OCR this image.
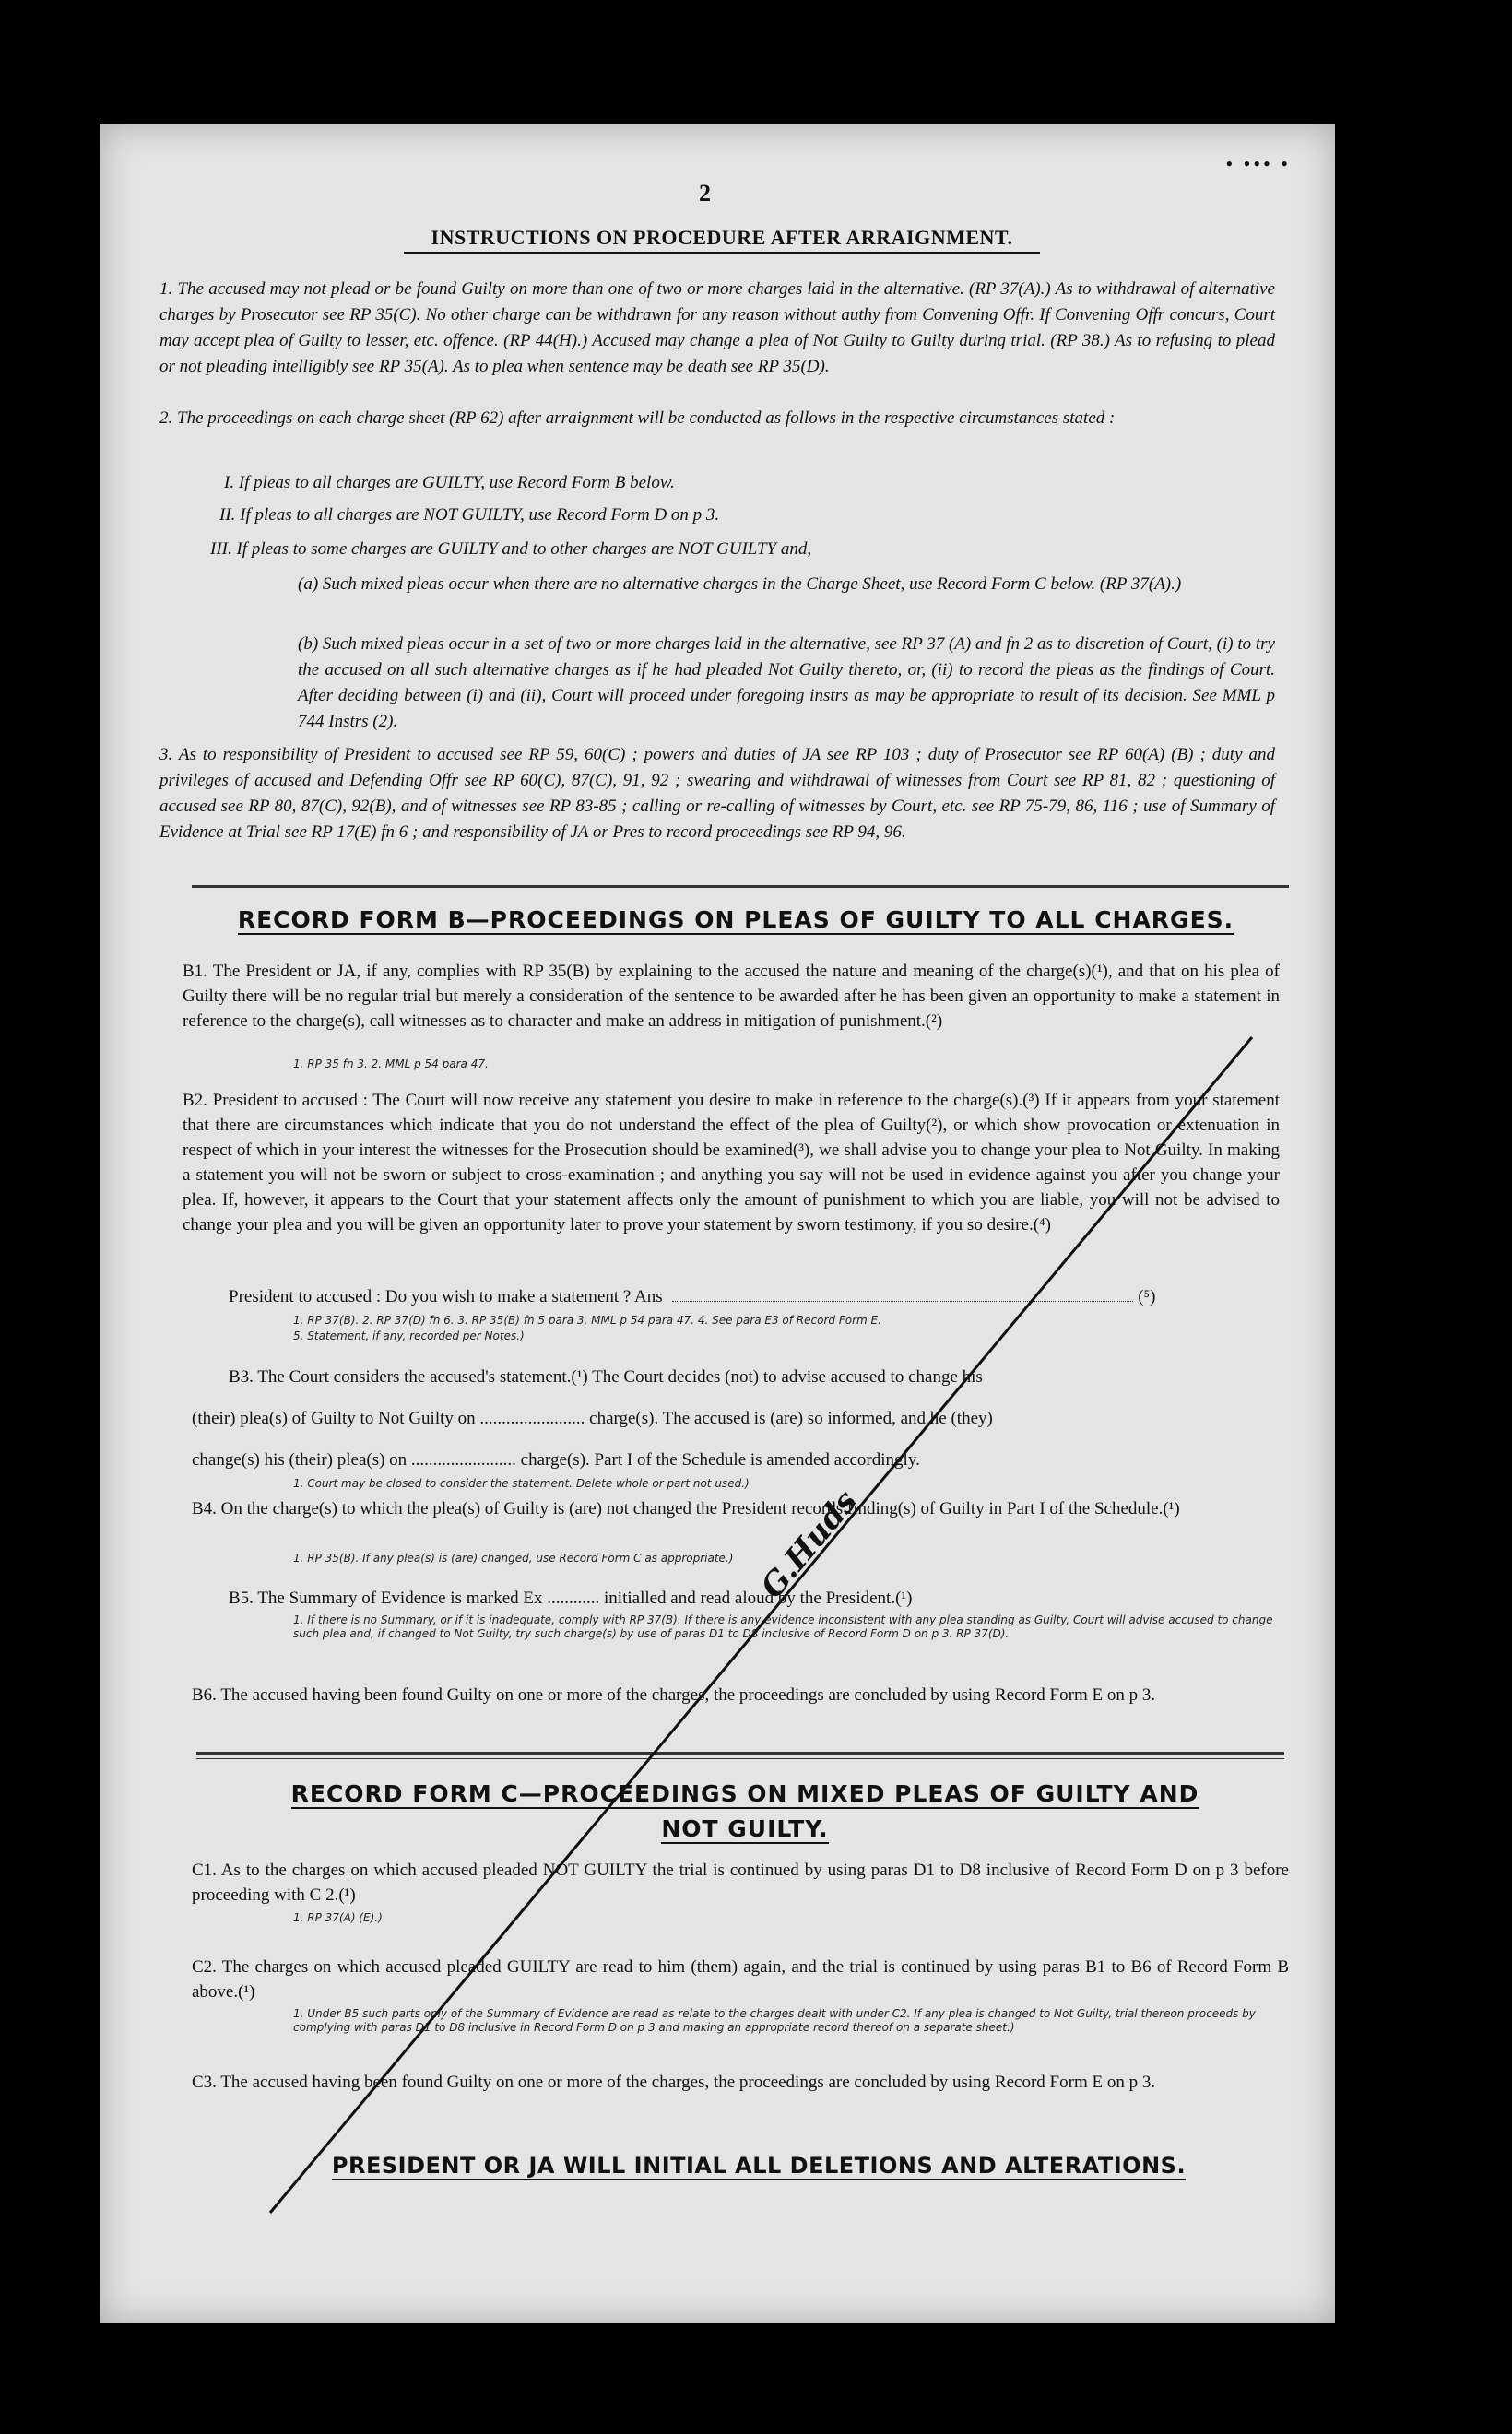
2
• ••• •
INSTRUCTIONS ON PROCEDURE AFTER ARRAIGNMENT.
1. The accused may not plead or be found Guilty on more than one of two or more charges laid in the alternative. (RP 37(A).) As to withdrawal of alternative charges by Prosecutor see RP 35(C). No other charge can be withdrawn for any reason without authy from Convening Offr. If Convening Offr concurs, Court may accept plea of Guilty to lesser, etc. offence. (RP 44(H).) Accused may change a plea of Not Guilty to Guilty during trial. (RP 38.) As to refusing to plead or not pleading intelligibly see RP 35(A). As to plea when sentence may be death see RP 35(D).
2. The proceedings on each charge sheet (RP 62) after arraignment will be conducted as follows in the respective circumstances stated :
I. If pleas to all charges are GUILTY, use Record Form B below.
II. If pleas to all charges are NOT GUILTY, use Record Form D on p 3.
III. If pleas to some charges are GUILTY and to other charges are NOT GUILTY and,
(a) Such mixed pleas occur when there are no alternative charges in the Charge Sheet, use Record Form C below. (RP 37(A).)
(b) Such mixed pleas occur in a set of two or more charges laid in the alternative, see RP 37 (A) and fn 2 as to discretion of Court, (i) to try the accused on all such alternative charges as if he had pleaded Not Guilty thereto, or, (ii) to record the pleas as the findings of Court. After deciding between (i) and (ii), Court will proceed under foregoing instrs as may be appropriate to result of its decision. See MML p 744 Instrs (2).
3. As to responsibility of President to accused see RP 59, 60(C) ; powers and duties of JA see RP 103 ; duty of Prosecutor see RP 60(A) (B) ; duty and privileges of accused and Defending Offr see RP 60(C), 87(C), 91, 92 ; swearing and withdrawal of witnesses from Court see RP 81, 82 ; questioning of accused see RP 80, 87(C), 92(B), and of witnesses see RP 83-85 ; calling or re-calling of witnesses by Court, etc. see RP 75-79, 86, 116 ; use of Summary of Evidence at Trial see RP 17(E) fn 6 ; and responsibility of JA or Pres to record proceedings see RP 94, 96.
RECORD FORM B—PROCEEDINGS ON PLEAS OF GUILTY TO ALL CHARGES.
B1. The President or JA, if any, complies with RP 35(B) by explaining to the accused the nature and meaning of the charge(s)(¹), and that on his plea of Guilty there will be no regular trial but merely a consideration of the sentence to be awarded after he has been given an opportunity to make a statement in reference to the charge(s), call witnesses as to character and make an address in mitigation of punishment.(²)
1. RP 35 fn 3. 2. MML p 54 para 47.
B2. President to accused : The Court will now receive any statement you desire to make in reference to the charge(s).(³) If it appears from your statement that there are circumstances which indicate that you do not understand the effect of the plea of Guilty(²), or which show provocation or extenuation in respect of which in your interest the witnesses for the Prosecution should be examined(³), we shall advise you to change your plea to Not Guilty. In making a statement you will not be sworn or subject to cross-examination ; and anything you say will not be used in evidence against you after you change your plea. If, however, it appears to the Court that your statement affects only the amount of punishment to which you are liable, you will not be advised to change your plea and you will be given an opportunity later to prove your statement by sworn testimony, if you so desire.(⁴)
President to accused : Do you wish to make a statement ? Ans	(⁵)
1. RP 37(B). 2. RP 37(D) fn 6. 3. RP 35(B) fn 5 para 3, MML p 54 para 47. 4. See para E3 of Record Form E.
5. Statement, if any, recorded per Notes.)
B3. The Court considers the accused's statement.(¹) The Court decides (not) to advise accused to change his
(their) plea(s) of Guilty to Not Guilty on ........................ charge(s). The accused is (are) so informed, and he (they)
change(s) his (their) plea(s) on ........................ charge(s). Part I of the Schedule is amended accordingly.
1. Court may be closed to consider the statement. Delete whole or part not used.)
B4. On the charge(s) to which the plea(s) of Guilty is (are) not changed the President records finding(s) of Guilty in Part I of the Schedule.(¹)
1. RP 35(B). If any plea(s) is (are) changed, use Record Form C as appropriate.)
B5. The Summary of Evidence is marked Ex ............ initialled and read aloud by the President.(¹)
1. If there is no Summary, or if it is inadequate, comply with RP 37(B). If there is any evidence inconsistent with any plea standing as Guilty, Court will advise accused to change such plea and, if changed to Not Guilty, try such charge(s) by use of paras D1 to D8 inclusive of Record Form D on p 3. RP 37(D).
B6. The accused having been found Guilty on one or more of the charges, the proceedings are concluded by using Record Form E on p 3.
RECORD FORM C—PROCEEDINGS ON MIXED PLEAS OF GUILTY AND
NOT GUILTY.
C1. As to the charges on which accused pleaded NOT GUILTY the trial is continued by using paras D1 to D8 inclusive of Record Form D on p 3 before proceeding with C 2.(¹)
1. RP 37(A) (E).)
C2. The charges on which accused pleaded GUILTY are read to him (them) again, and the trial is continued by using paras B1 to B6 of Record Form B above.(¹)
1. Under B5 such parts only of the Summary of Evidence are read as relate to the charges dealt with under C2. If any plea is changed to Not Guilty, trial thereon proceeds by complying with paras D1 to D8 inclusive in Record Form D on p 3 and making an appropriate record thereof on a separate sheet.)
C3. The accused having been found Guilty on one or more of the charges, the proceedings are concluded by using Record Form E on p 3.
PRESIDENT OR JA WILL INITIAL ALL DELETIONS AND ALTERATIONS.
G.Huds
